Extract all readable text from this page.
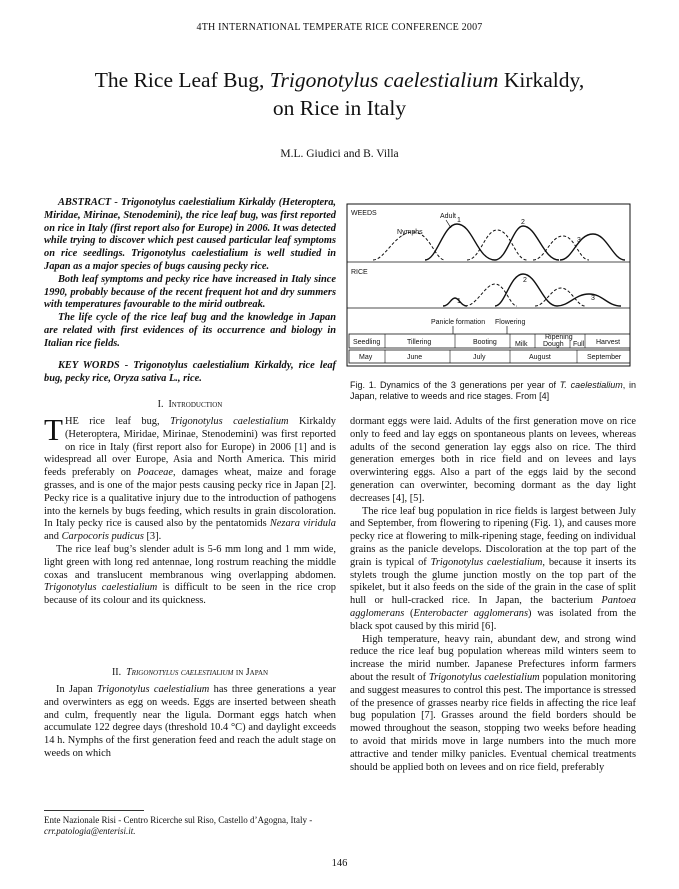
4TH INTERNATIONAL TEMPERATE RICE CONFERENCE 2007
The Rice Leaf Bug, Trigonotylus caelestialium Kirkaldy,
on Rice in Italy
M.L. Giudici and B. Villa

ABSTRACT - Trigonotylus caelestialium Kirkaldy (Heteroptera, Miridae, Mirinae, Stenodemini), the rice leaf bug, was first reported on rice in Italy (first report also for Europe) in 2006. It was detected while trying to discover which pest caused particular leaf symptoms on rice seedlings. Trigonotylus caelestialium is well studied in Japan as a major species of bugs causing pecky rice.

Both leaf symptoms and pecky rice have increased in Italy since 1990, probably because of the recent frequent hot and dry summers with temperatures favourable to the mirid outbreak.

The life cycle of the rice leaf bug and the knowledge in Japan are related with first evidences of its occurrence and biology in Italian rice fields.

KEY WORDS - Trigonotylus caelestialium Kirkaldy, rice leaf bug, pecky rice, Oryza sativa L., rice.

I. Introduction

THE rice leaf bug, Trigonotylus caelestialium Kirkaldy (Heteroptera, Miridae, Mirinae, Stenodemini) was first reported on rice in Italy (first report also for Europe) in 2006 [1] and is widespread all over Europe, Asia and North America. This mirid feeds preferably on Poaceae, damages wheat, maize and forage grasses, and is one of the major pests causing pecky rice in Japan [2]. Pecky rice is a qualitative injury due to the introduction of pathogens into the kernels by bugs feeding, which results in grain discoloration. In Italy pecky rice is caused also by the pentatomids Nezara viridula and Carpocoris pudicus [3].

The rice leaf bug’s slender adult is 5-6 mm long and 1 mm wide, light green with long red antennae, long rostrum reaching the middle coxas and translucent membranous wing overlapping abdomen. Trigonotylus caelestialium is difficult to be seen in the rice crop because of its colour and its quickness.

II. Trigonotylus caelestialium in Japan

In Japan Trigonotylus caelestialium has three generations a year and overwinters as egg on weeds. Eggs are inserted between sheath and culm, frequently near the ligula. Dormant eggs hatch when accumulate 122 degree days (threshold 10.4 °C) and daylight exceeds 14 h. Nymphs of the first generation feed and reach the adult stage on weeds on which

Ente Nazionale Risi - Centro Ricerche sul Riso, Castello d’Agogna, Italy -
crr.patologia@enterisi.it.
WEEDS	Adult
Nymphs
1	2
3
RICE
1
2
3
Panicle formation Flowering
Seedling	Tillering	Booting	Milk
Ripening
Dough Full Harvest
May	June	July	August	September
Fig. 1. Dynamics of the 3 generations per year of T. caelestialium, in Japan, relative to weeds and rice stages. From [4]

dormant eggs were laid. Adults of the first generation move on rice only to feed and lay eggs on spontaneous plants on levees, whereas adults of the second generation lay eggs also on rice. The third generation emerges both in rice field and on levees and lays overwintering eggs. Also a part of the eggs laid by the second generation can overwinter, becoming dormant as the day light decreases [4], [5].

The rice leaf bug population in rice fields is largest between July and September, from flowering to ripening (Fig. 1), and causes more pecky rice at flowering to milk-ripening stage, feeding on individual grains as the panicle develops. Discoloration at the top part of the grain is typical of Trigonotylus caelestialium, because it inserts its stylets trough the glume junction mostly on the top part of the spikelet, but it also feeds on the side of the grain in the case of split hull or hull-cracked rice. In Japan, the bacterium Pantoea agglomerans (Enterobacter agglomerans) was isolated from the black spot caused by this mirid [6].

High temperature, heavy rain, abundant dew, and strong wind reduce the rice leaf bug population whereas mild winters seem to increase the mirid number. Japanese Prefectures inform farmers about the result of Trigonotylus caelestialium population monitoring and suggest measures to control this pest. The importance is stressed of the presence of grasses nearby rice fields in affecting the rice leaf bug population [7]. Grasses around the field borders should be mowed throughout the season, stopping two weeks before heading to avoid that mirids move in large numbers into the much more attractive and tender milky panicles. Eventual chemical treatments should be applied both on levees and on rice field, preferably

146
